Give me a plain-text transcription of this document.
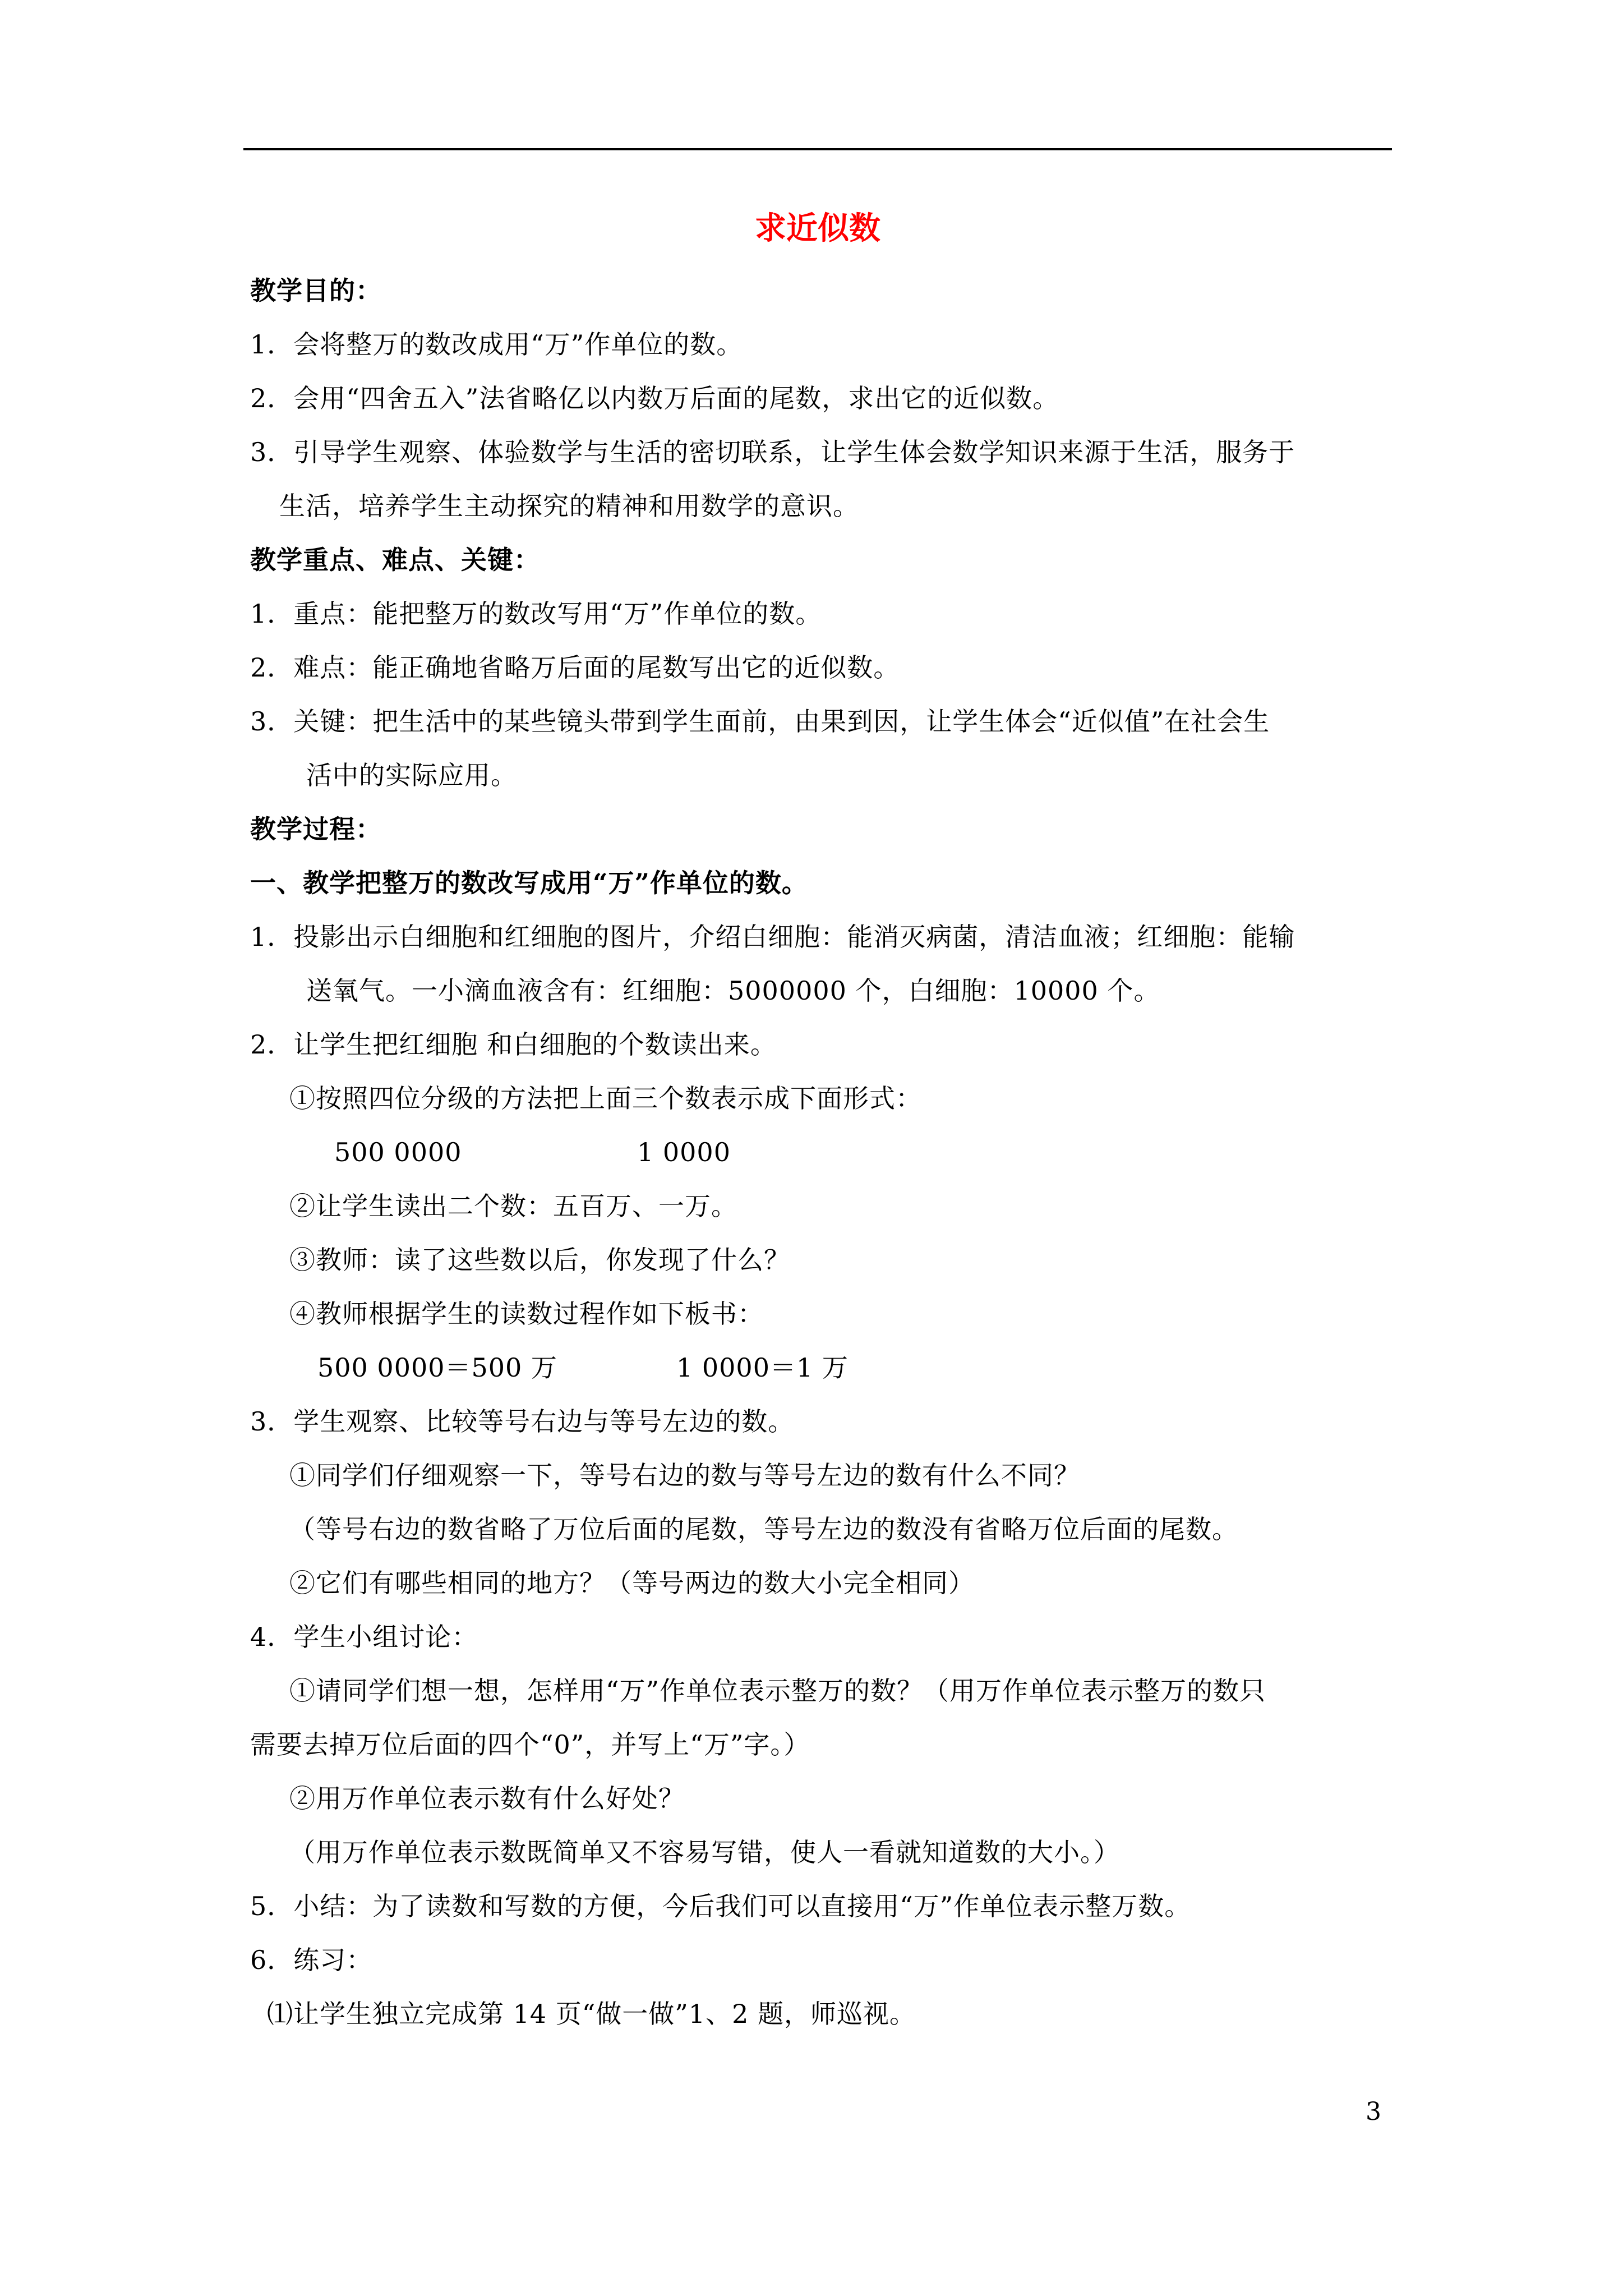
求近似数
教学目的：
1．会将整万的数改成用“万”作单位的数。
2．会用“四舍五入”法省略亿以内数万后面的尾数，求出它的近似数。
3．引导学生观察、体验数学与生活的密切联系，让学生体会数学知识来源于生活，服务于
生活，培养学生主动探究的精神和用数学的意识。
教学重点、难点、关键：
1．重点：能把整万的数改写用“万”作单位的数。
2．难点：能正确地省略万后面的尾数写出它的近似数。
3．关键：把生活中的某些镜头带到学生面前，由果到因，让学生体会“近似值”在社会生
活中的实际应用。
教学过程：
一、教学把整万的数改写成用“万”作单位的数。
1．投影出示白细胞和红细胞的图片，介绍白细胞：能消灭病菌，清洁血液；红细胞：能输
送氧气。一小滴血液含有：红细胞：5000000 个，白细胞：10000 个。
2．让学生把红细胞 和白细胞的个数读出来。
①按照四位分级的方法把上面三个数表示成下面形式：
500 0000	1 0000
②让学生读出二个数：五百万、一万。
③教师：读了这些数以后，你发现了什么？
④教师根据学生的读数过程作如下板书：
500 0000＝500 万	1 0000＝1 万
3．学生观察、比较等号右边与等号左边的数。
①同学们仔细观察一下，等号右边的数与等号左边的数有什么不同？
（等号右边的数省略了万位后面的尾数，等号左边的数没有省略万位后面的尾数。
②它们有哪些相同的地方？（等号两边的数大小完全相同）
4．学生小组讨论：
①请同学们想一想，怎样用“万”作单位表示整万的数？（用万作单位表示整万的数只
需要去掉万位后面的四个“0”，并写上“万”字。）
②用万作单位表示数有什么好处？
（用万作单位表示数既简单又不容易写错，使人一看就知道数的大小。）
5．小结：为了读数和写数的方便，今后我们可以直接用“万”作单位表示整万数。
6．练习：
⑴让学生独立完成第 14 页“做一做”1、2 题，师巡视。
3
